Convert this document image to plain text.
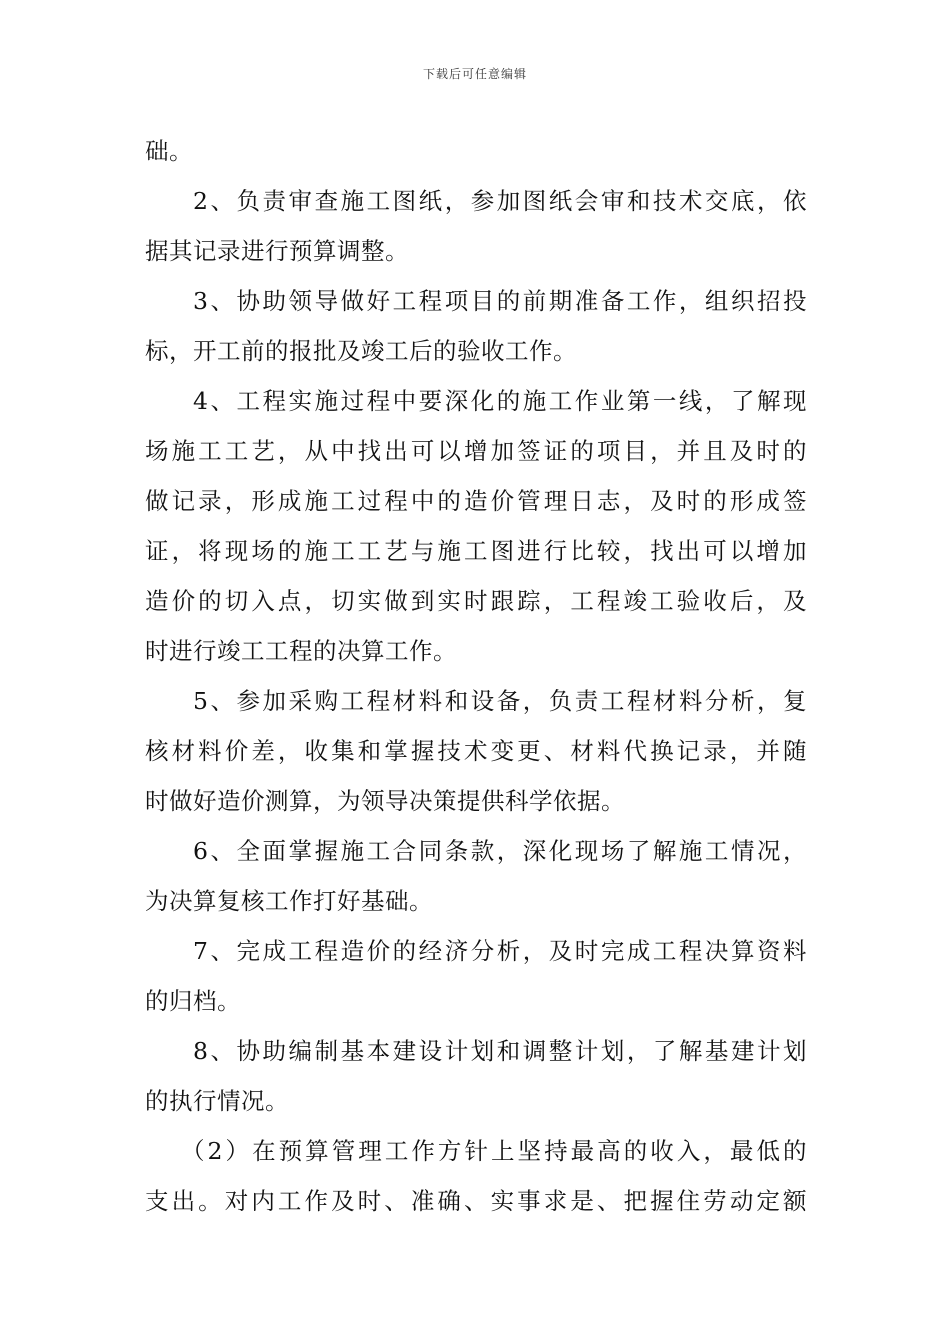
下载后可任意编辑
础。
2、负责审查施工图纸，参加图纸会审和技术交底，依
据其记录进行预算调整。
3、协助领导做好工程项目的前期准备工作，组织招投
标，开工前的报批及竣工后的验收工作。
4、工程实施过程中要深化的施工作业第一线，了解现
场施工工艺，从中找出可以增加签证的项目，并且及时的
做记录，形成施工过程中的造价管理日志，及时的形成签
证，将现场的施工工艺与施工图进行比较，找出可以增加
造价的切入点，切实做到实时跟踪，工程竣工验收后，及
时进行竣工工程的决算工作。
5、参加采购工程材料和设备，负责工程材料分析，复
核材料价差，收集和掌握技术变更、材料代换记录，并随
时做好造价测算，为领导决策提供科学依据。
6、全面掌握施工合同条款，深化现场了解施工情况，
为决算复核工作打好基础。
7、完成工程造价的经济分析，及时完成工程决算资料
的归档。
8、协助编制基本建设计划和调整计划，了解基建计划
的执行情况。
（2）在预算管理工作方针上坚持最高的收入，最低的
支出。对内工作及时、准确、实事求是、把握住劳动定额
